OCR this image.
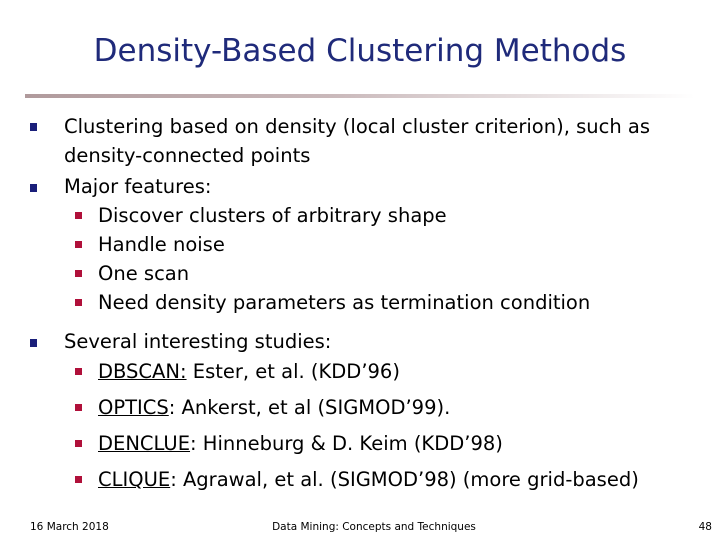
Density-Based Clustering Methods
Clustering based on density (local cluster criterion), such as
density-connected points
Major features:
Discover clusters of arbitrary shape
Handle noise
One scan
Need density parameters as termination condition
Several interesting studies:
DBSCAN: Ester, et al. (KDD’96)
OPTICS: Ankerst, et al (SIGMOD’99).
DENCLUE: Hinneburg & D. Keim (KDD’98)
CLIQUE: Agrawal, et al. (SIGMOD’98) (more grid-based)
16 March 2018	Data Mining: Concepts and Techniques	48
